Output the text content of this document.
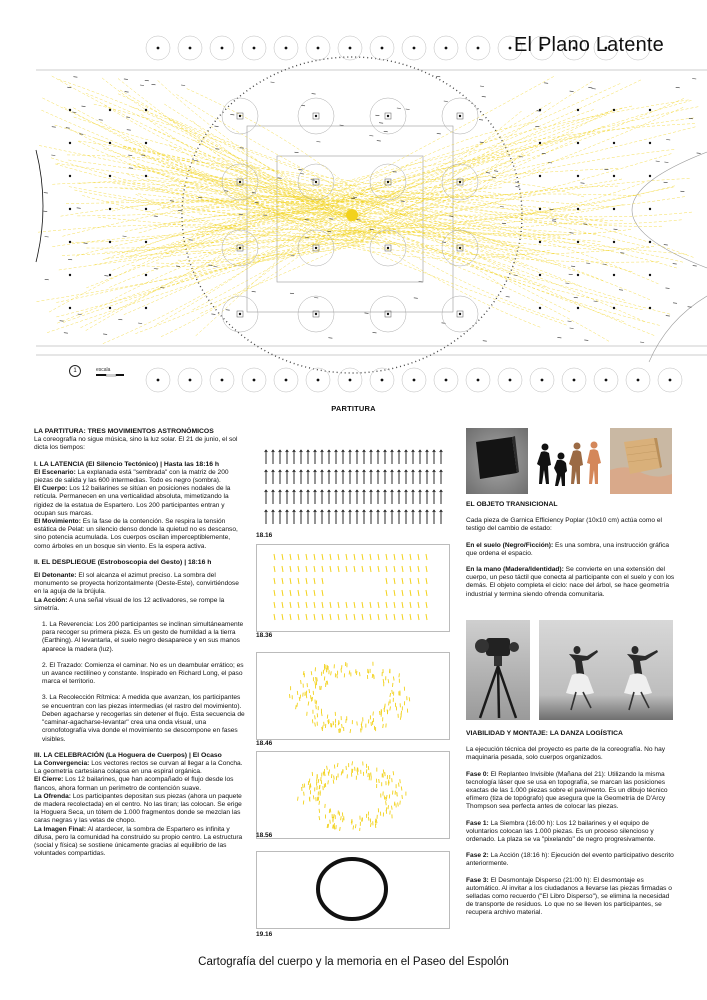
El Plano Latente
1	escala
PARTITURA
LA PARTITURA: TRES MOVIMIENTOS ASTRONÓMICOS

La coreografía no sigue música, sino la luz solar. El 21 de junio, el sol dicta los tiempos:

I. LA LATENCIA (El Silencio Tectónico) | Hasta las 18:16 h

El Escenario: La explanada está "sembrada" con la matriz de 200 piezas de salida y las 600 intermedias. Todo es negro (sombra).

El Cuerpo: Los 12 bailarines se sitúan en posiciones nodales de la retícula. Permanecen en una verticalidad absoluta, mimetizando la rigidez de la estatua de Espartero. Los 200 participantes entran y ocupan sus marcas.

El Movimiento: Es la fase de la contención. Se respira la tensión estática de Pelat: un silencio denso donde la quietud no es descanso, sino potencia acumulada. Los cuerpos oscilan imperceptiblemente, como árboles en un bosque sin viento. Es la espera activa.

II. EL DESPLIEGUE (Estroboscopia del Gesto) | 18:16 h

El Detonante: El sol alcanza el azimut preciso. La sombra del monumento se proyecta horizontalmente (Oeste-Este), convirtiéndose en la aguja de la brújula.

La Acción: A una señal visual de los 12 activadores, se rompe la simetría.

1. La Reverencia: Los 200 participantes se inclinan simultáneamente para recoger su primera pieza. Es un gesto de humildad a la tierra (Earthing). Al levantarla, el suelo negro desaparece y en sus manos aparece la madera (luz).

2. El Trazado: Comienza el caminar. No es un deambular errático; es un avance rectilíneo y constante. Inspirado en Richard Long, el paso marca el territorio.

3. La Recolección Rítmica: A medida que avanzan, los participantes se encuentran con las piezas intermedias (el rastro del movimiento). Deben agacharse y recogerlas sin detener el flujo. Esta secuencia de "caminar-agacharse-levantar" crea una onda visual, una cronofotografía viva donde el movimiento se descompone en fases visibles.

III. LA CELEBRACIÓN (La Hoguera de Cuerpos) | El Ocaso

La Convergencia: Los vectores rectos se curvan al llegar a la Concha. La geometría cartesiana colapsa en una espiral orgánica.

El Cierre: Los 12 bailarines, que han acompañado el flujo desde los flancos, ahora forman un perímetro de contención suave.

La Ofrenda: Los participantes depositan sus piezas (ahora un paquete de madera recolectada) en el centro. No las tiran; las colocan. Se erige la Hoguera Seca, un tótem de 1.000 fragmentos donde se mezclan las caras negras y las vetas de chopo.

La Imagen Final: Al atardecer, la sombra de Espartero es infinita y difusa, pero la comunidad ha construido su propio centro. La estructura (social y física) se sostiene únicamente gracias al equilibrio de las voluntades compartidas.

18.16
18.36
18.46
18.56
19.16
EL OBJETO TRANSICIONAL

Cada pieza de Garnica Efficiency Poplar (10x10 cm) actúa como el testigo del cambio de estado:

En el suelo (Negro/Ficción): Es una sombra, una instrucción gráfica que ordena el espacio.

En la mano (Madera/Identidad): Se convierte en una extensión del cuerpo, un peso táctil que conecta al participante con el suelo y con los demás. El objeto completa el ciclo: nace del árbol, se hace geometría industrial y termina siendo ofrenda comunitaria.

VIABILIDAD Y MONTAJE: LA DANZA LOGÍSTICA

La ejecución técnica del proyecto es parte de la coreografía. No hay maquinaria pesada, solo cuerpos organizados.

Fase 0: El Replanteo Invisible (Mañana del 21): Utilizando la misma tecnología láser que se usa en topografía, se marcan las posiciones exactas de las 1.000 piezas sobre el pavimento. Es un dibujo técnico efímero (tiza de topógrafo) que asegura que la Geometría de D'Arcy Thompson sea perfecta antes de colocar las piezas.

Fase 1: La Siembra (16:00 h): Los 12 bailarines y el equipo de voluntarios colocan las 1.000 piezas. Es un proceso silencioso y ordenado. La plaza se va "pixelando" de negro progresivamente.

Fase 2: La Acción (18:16 h): Ejecución del evento participativo descrito anteriormente.

Fase 3: El Desmontaje Disperso (21:00 h): El desmontaje es automático. Al invitar a los ciudadanos a llevarse las piezas firmadas o selladas como recuerdo ("El Libro Disperso"), se elimina la necesidad de transporte de residuos. Lo que no se lleven los participantes, se recupera archivo material.

Cartografía del cuerpo y la memoria en el Paseo del Espolón
